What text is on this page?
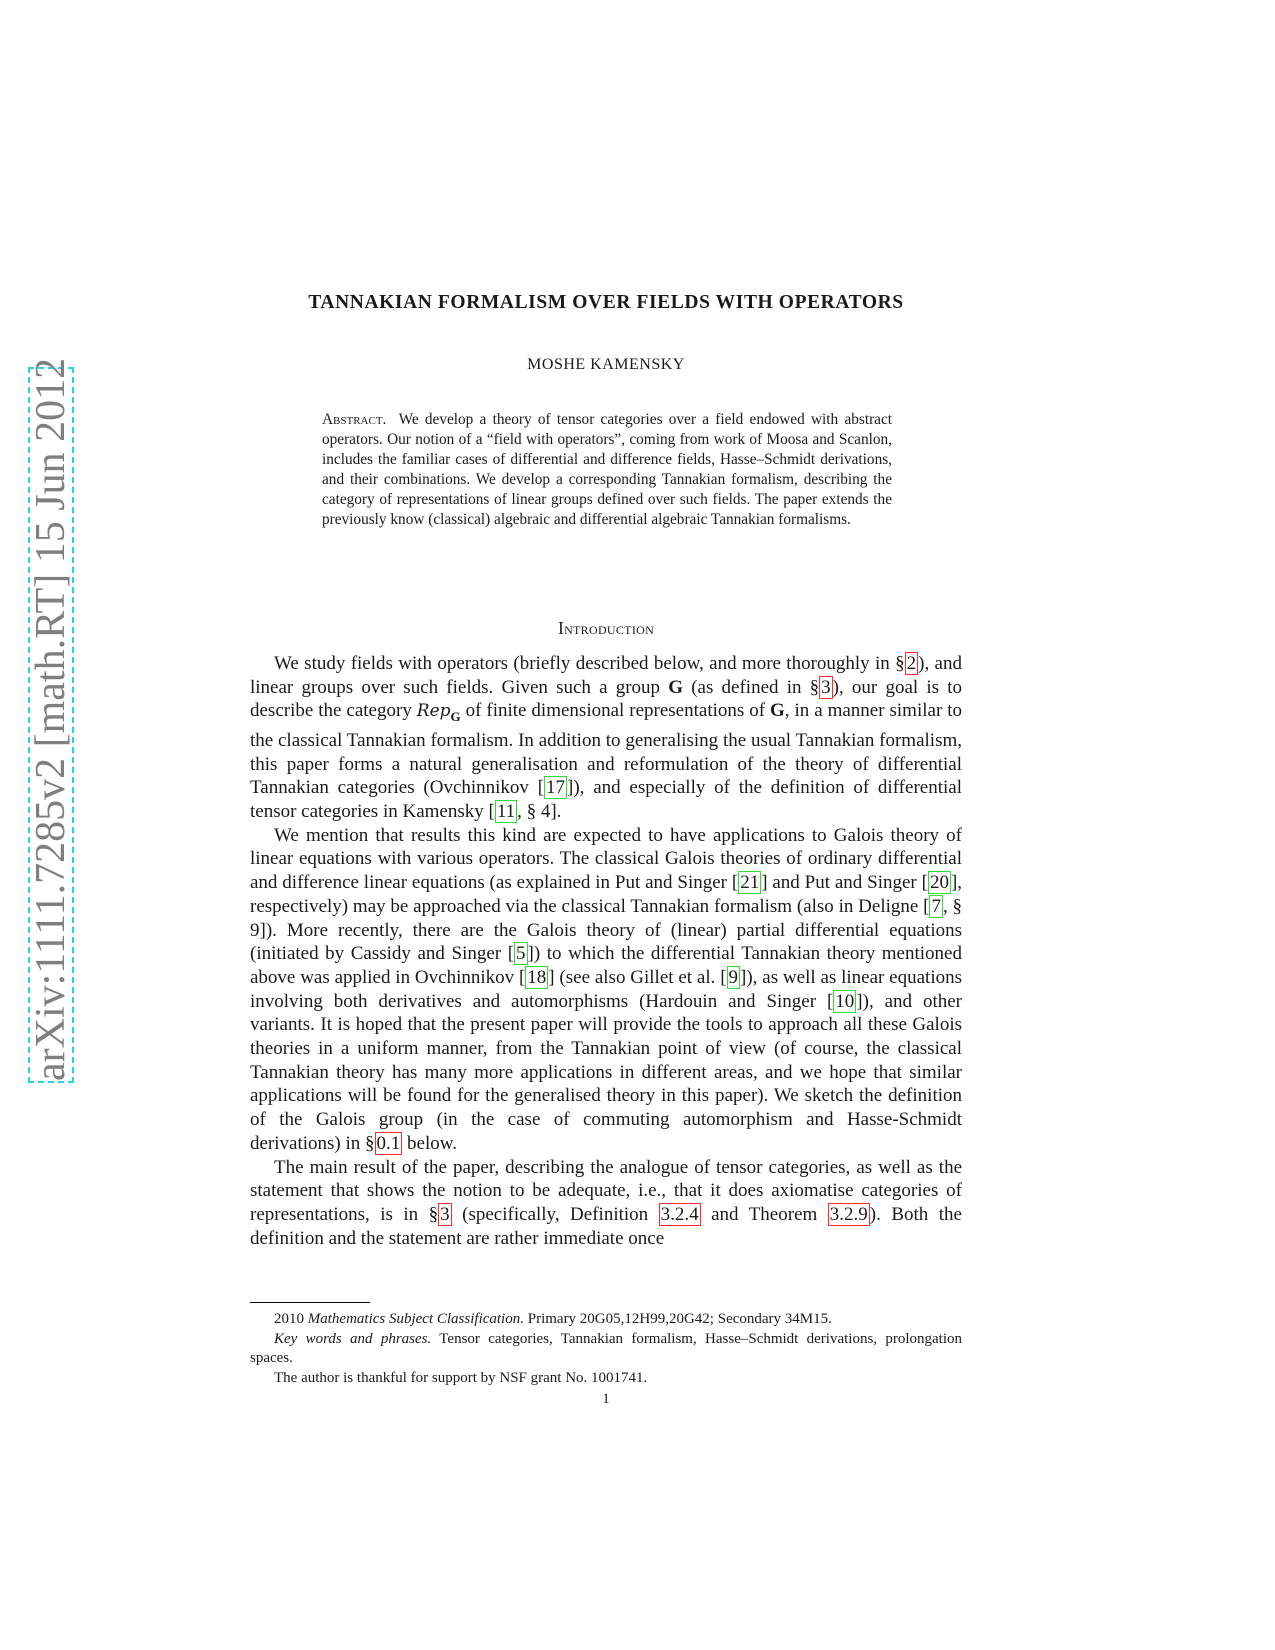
arXiv:1111.7285v2 [math.RT] 15 Jun 2012
TANNAKIAN FORMALISM OVER FIELDS WITH OPERATORS
MOSHE KAMENSKY
Abstract. We develop a theory of tensor categories over a field endowed with abstract operators. Our notion of a “field with operators”, coming from work of Moosa and Scanlon, includes the familiar cases of differential and difference fields, Hasse–Schmidt derivations, and their combinations. We develop a corresponding Tannakian formalism, describing the category of representations of linear groups defined over such fields. The paper extends the previously know (classical) algebraic and differential algebraic Tannakian formalisms.
Introduction

We study fields with operators (briefly described below, and more thoroughly in § 2 ), and linear groups over such fields. Given such a group G (as defined in § 3 ), our goal is to describe the category Rep$_G$ of finite dimensional representations of G, in a manner similar to the classical Tannakian formalism. In addition to generalising the usual Tannakian formalism, this paper forms a natural generalisation and reformulation of the theory of differential Tannakian categories (Ovchinnikov [ 17 ]), and especially of the definition of differential tensor categories in Kamensky [ 11 , § 4].

We mention that results this kind are expected to have applications to Galois theory of linear equations with various operators. The classical Galois theories of ordinary differential and difference linear equations (as explained in Put and Singer [ 21 ] and Put and Singer [ 20 ], respectively) may be approached via the classical Tannakian formalism (also in Deligne [ 7 , § 9]). More recently, there are the Galois theory of (linear) partial differential equations (initiated by Cassidy and Singer [ 5 ]) to which the differential Tannakian theory mentioned above was applied in Ovchinnikov [ 18 ] (see also Gillet et al. [ 9 ]), as well as linear equations involving both derivatives and automorphisms (Hardouin and Singer [ 10 ]), and other variants. It is hoped that the present paper will provide the tools to approach all these Galois theories in a uniform manner, from the Tannakian point of view (of course, the classical Tannakian theory has many more applications in different areas, and we hope that similar applications will be found for the generalised theory in this paper). We sketch the definition of the Galois group (in the case of commuting automorphism and Hasse-Schmidt derivations) in § 0.1 below.

The main result of the paper, describing the analogue of tensor categories, as well as the statement that shows the notion to be adequate, i.e., that it does axiomatise categories of representations, is in § 3 (specifically, Definition 3.2.4 and Theorem 3.2.9 ). Both the definition and the statement are rather immediate once

2010 Mathematics Subject Classification. Primary 20G05,12H99,20G42; Secondary 34M15.

Key words and phrases. Tensor categories, Tannakian formalism, Hasse–Schmidt derivations, prolongation spaces.

The author is thankful for support by NSF grant No. 1001741.

1
